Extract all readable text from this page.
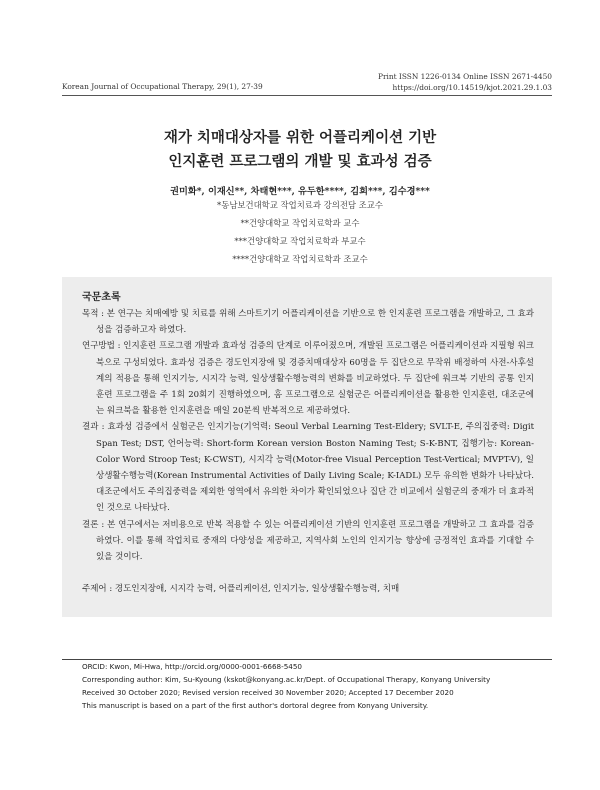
Print ISSN 1226-0134 Online ISSN 2671-4450
https://doi.org/10.14519/kjot.2021.29.1.03
Korean Journal of Occupational Therapy, 29(1), 27-39
재가 치매대상자를 위한 어플리케이션 기반
인지훈련 프로그램의 개발 및 효과성 검증
권미화*, 이재신**, 차태현***, 유두한****, 김희***, 김수경***
*동남보건대학교 작업치료과 강의전담 조교수
**건양대학교 작업치료학과 교수
***건양대학교 작업치료학과 부교수
****건양대학교 작업치료학과 조교수
국문초록

목적 : 본 연구는 치매예방 및 치료를 위해 스마트기기 어플리케이션을 기반으로 한 인지훈련 프로그램을 개발하고, 그 효과성을 검증하고자 하였다.

연구방법 : 인지훈련 프로그램 개발과 효과성 검증의 단계로 이루어졌으며, 개발된 프로그램은 어플리케이션과 지필형 워크북으로 구성되었다. 효과성 검증은 경도인지장애 및 경증치매대상자 60명을 두 집단으로 무작위 배정하여 사전-사후설계의 적용을 통해 인지기능, 시지각 능력, 일상생활수행능력의 변화를 비교하였다. 두 집단에 워크북 기반의 공통 인지훈련 프로그램을 주 1회 20회기 진행하였으며, 홈 프로그램으로 실험군은 어플리케이션을 활용한 인지훈련, 대조군에는 워크북을 활용한 인지훈련을 매일 20분씩 반복적으로 제공하였다.

결과 : 효과성 검증에서 실험군은 인지기능(기억력: Seoul Verbal Learning Test-Eldery; SVLT-E, 주의집중력: Digit Span Test; DST, 언어능력: Short-form Korean version Boston Naming Test; S-K-BNT, 집행기능: Korean-Color Word Stroop Test; K-CWST), 시지각 능력(Motor-free Visual Perception Test-Vertical; MVPT-V), 일상생활수행능력(Korean Instrumental Activities of Daily Living Scale; K-IADL) 모두 유의한 변화가 나타났다. 대조군에서도 주의집중력을 제외한 영역에서 유의한 차이가 확인되었으나 집단 간 비교에서 실험군의 중재가 더 효과적인 것으로 나타났다.

결론 : 본 연구에서는 저비용으로 반복 적용할 수 있는 어플리케이션 기반의 인지훈련 프로그램을 개발하고 그 효과를 검증하였다. 이를 통해 작업치료 중재의 다양성을 제공하고, 지역사회 노인의 인지기능 향상에 긍정적인 효과를 기대할 수 있을 것이다.

주제어 : 경도인지장애, 시지각 능력, 어플리케이션, 인지기능, 일상생활수행능력, 치매
ORCID: Kwon, Mi-Hwa, http://orcid.org/0000-0001-6668-5450
Corresponding author: Kim, Su-Kyoung (kskot@konyang.ac.kr/Dept. of Occupational Therapy, Konyang University
Received 30 October 2020; Revised version received 30 November 2020; Accepted 17 December 2020
This manuscript is based on a part of the first author's dortoral degree from Konyang University.
